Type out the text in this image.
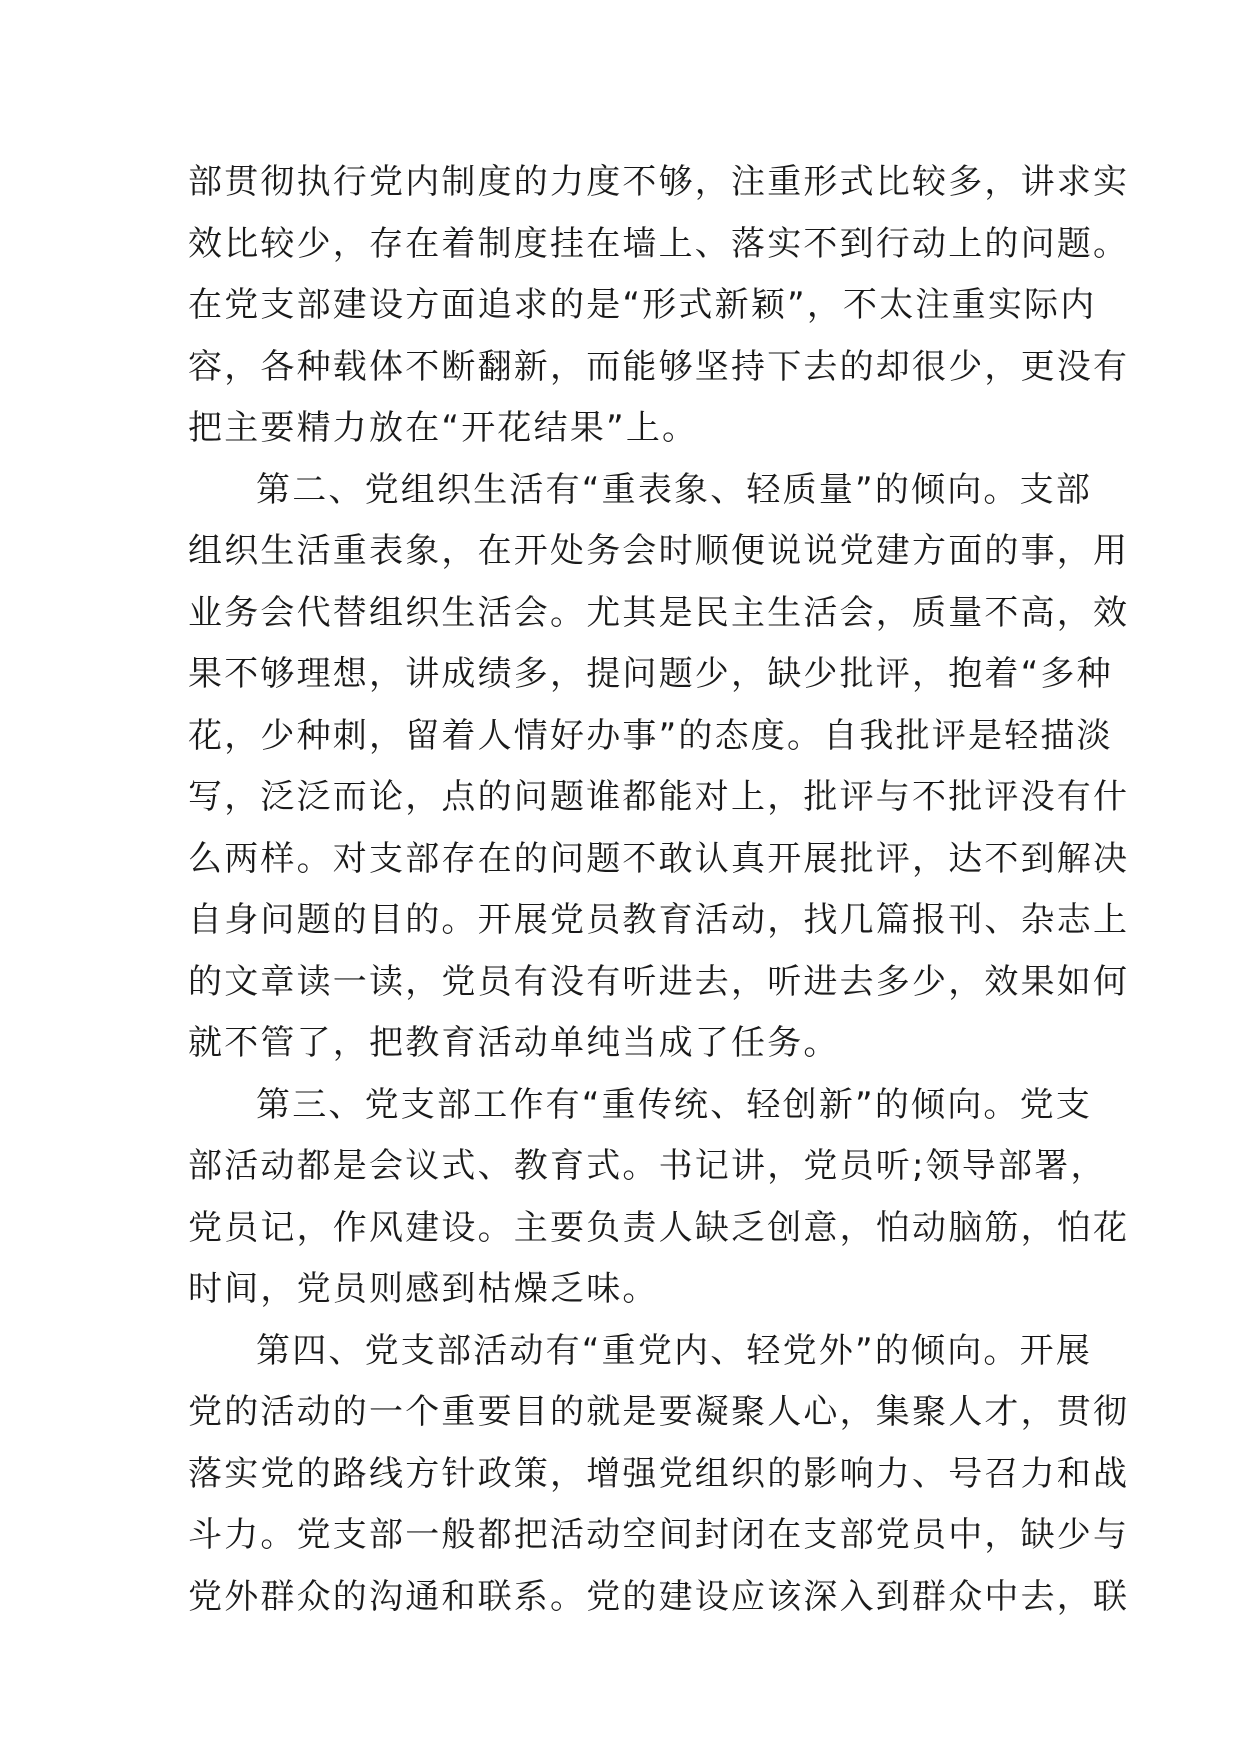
部贯彻执行党内制度的力度不够，注重形式比较多，讲求实
效比较少，存在着制度挂在墙上、落实不到行动上的问题。
在党支部建设方面追求的是“形式新颖”，不太注重实际内
容，各种载体不断翻新，而能够坚持下去的却很少，更没有
把主要精力放在“开花结果”上。
第二、党组织生活有“重表象、轻质量”的倾向。支部
组织生活重表象，在开处务会时顺便说说党建方面的事，用
业务会代替组织生活会。尤其是民主生活会，质量不高，效
果不够理想，讲成绩多，提问题少，缺少批评，抱着“多种
花，少种刺，留着人情好办事”的态度。自我批评是轻描淡
写，泛泛而论，点的问题谁都能对上，批评与不批评没有什
么两样。对支部存在的问题不敢认真开展批评，达不到解决
自身问题的目的。开展党员教育活动，找几篇报刊、杂志上
的文章读一读，党员有没有听进去，听进去多少，效果如何
就不管了，把教育活动单纯当成了任务。
第三、党支部工作有“重传统、轻创新”的倾向。党支
部活动都是会议式、教育式。书记讲，党员听;领导部署，
党员记，作风建设。主要负责人缺乏创意，怕动脑筋，怕花
时间，党员则感到枯燥乏味。
第四、党支部活动有“重党内、轻党外”的倾向。开展
党的活动的一个重要目的就是要凝聚人心，集聚人才，贯彻
落实党的路线方针政策，增强党组织的影响力、号召力和战
斗力。党支部一般都把活动空间封闭在支部党员中，缺少与
党外群众的沟通和联系。党的建设应该深入到群众中去，联
